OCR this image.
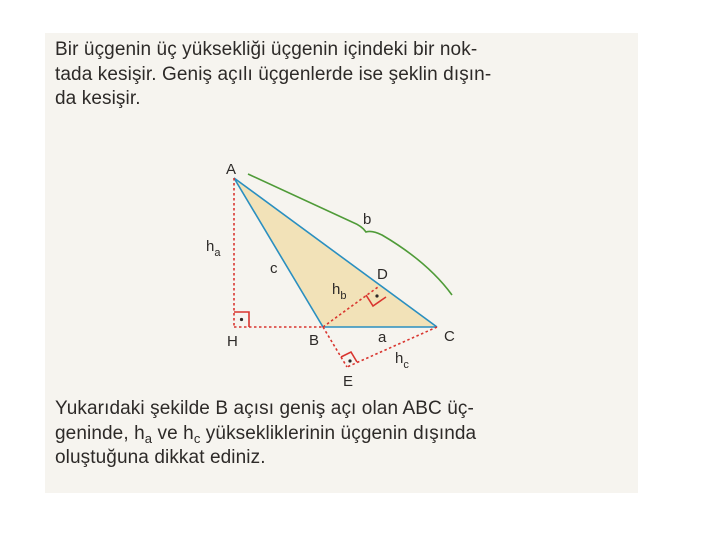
Bir üçgenin üç yüksekliği üçgenin içindeki bir nok-
tada kesişir. Geniş açılı üçgenlerde ise şeklin dışın-
da kesişir.

Yukarıdaki şekilde B açısı geniş açı olan ABC üç-
geninde, $h_a$ ve $h_c$ yüksekliklerinin üçgenin dışında
oluştuğuna dikkat ediniz.

A
B	C
D
E
H	a
b
c
$h_a$
$h_b$
$h_c$
